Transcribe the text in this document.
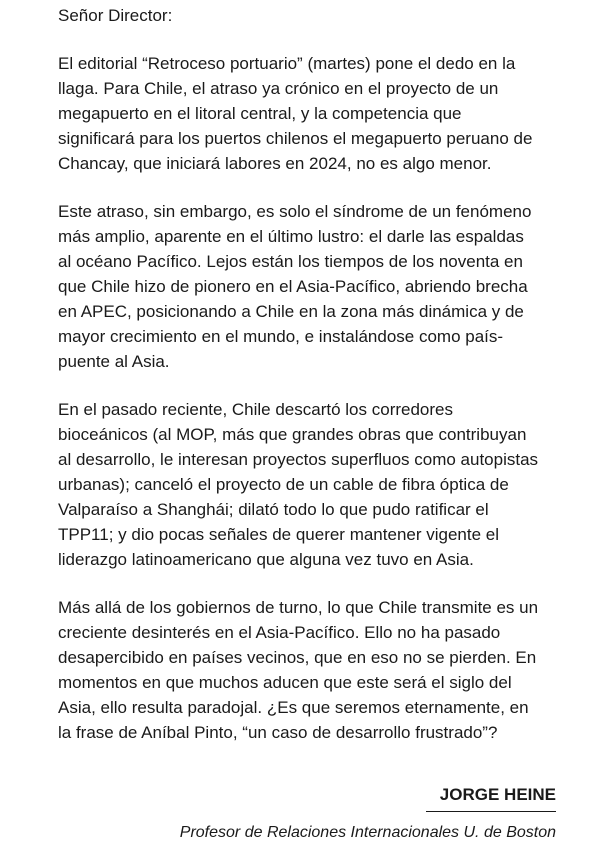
Señor Director:

El editorial “Retroceso portuario” (martes) pone el dedo en la
llaga. Para Chile, el atraso ya crónico en el proyecto de un
megapuerto en el litoral central, y la competencia que
significará para los puertos chilenos el megapuerto peruano de
Chancay, que iniciará labores en 2024, no es algo menor.

Este atraso, sin embargo, es solo el síndrome de un fenómeno
más amplio, aparente en el último lustro: el darle las espaldas
al océano Pacífico. Lejos están los tiempos de los noventa en
que Chile hizo de pionero en el Asia-Pacífico, abriendo brecha
en APEC, posicionando a Chile en la zona más dinámica y de
mayor crecimiento en el mundo, e instalándose como país-
puente al Asia.

En el pasado reciente, Chile descartó los corredores
bioceánicos (al MOP, más que grandes obras que contribuyan
al desarrollo, le interesan proyectos superfluos como autopistas
urbanas); canceló el proyecto de un cable de fibra óptica de
Valparaíso a Shanghái; dilató todo lo que pudo ratificar el
TPP11; y dio pocas señales de querer mantener vigente el
liderazgo latinoamericano que alguna vez tuvo en Asia.

Más allá de los gobiernos de turno, lo que Chile transmite es un
creciente desinterés en el Asia-Pacífico. Ello no ha pasado
desapercibido en países vecinos, que en eso no se pierden. En
momentos en que muchos aducen que este será el siglo del
Asia, ello resulta paradojal. ¿Es que seremos eternamente, en
la frase de Aníbal Pinto, “un caso de desarrollo frustrado”?

JORGE HEINE
Profesor de Relaciones Internacionales U. de Boston
